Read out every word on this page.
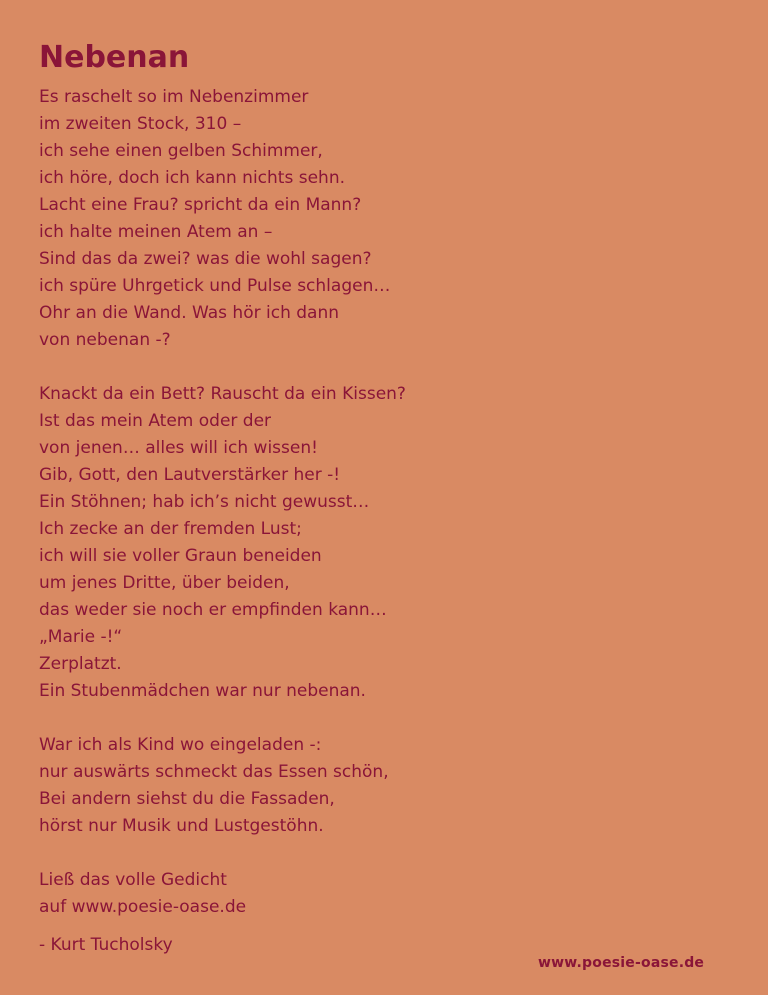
Nebenan
Es raschelt so im Nebenzimmer
im zweiten Stock, 310 –
ich sehe einen gelben Schimmer,
ich höre, doch ich kann nichts sehn.
Lacht eine Frau? spricht da ein Mann?
ich halte meinen Atem an –
Sind das da zwei? was die wohl sagen?
ich spüre Uhrgetick und Pulse schlagen…
Ohr an die Wand. Was hör ich dann
von nebenan -?
Knackt da ein Bett? Rauscht da ein Kissen?
Ist das mein Atem oder der
von jenen… alles will ich wissen!
Gib, Gott, den Lautverstärker her -!
Ein Stöhnen; hab ich’s nicht gewusst…
Ich zecke an der fremden Lust;
ich will sie voller Graun beneiden
um jenes Dritte, über beiden,
das weder sie noch er empfinden kann…
„Marie -!“
Zerplatzt.
Ein Stubenmädchen war nur nebenan.
War ich als Kind wo eingeladen -:
nur auswärts schmeckt das Essen schön,
Bei andern siehst du die Fassaden,
hörst nur Musik und Lustgestöhn.
Ließ das volle Gedicht
auf www.poesie-oase.de
- Kurt Tucholsky
www.poesie-oase.de
